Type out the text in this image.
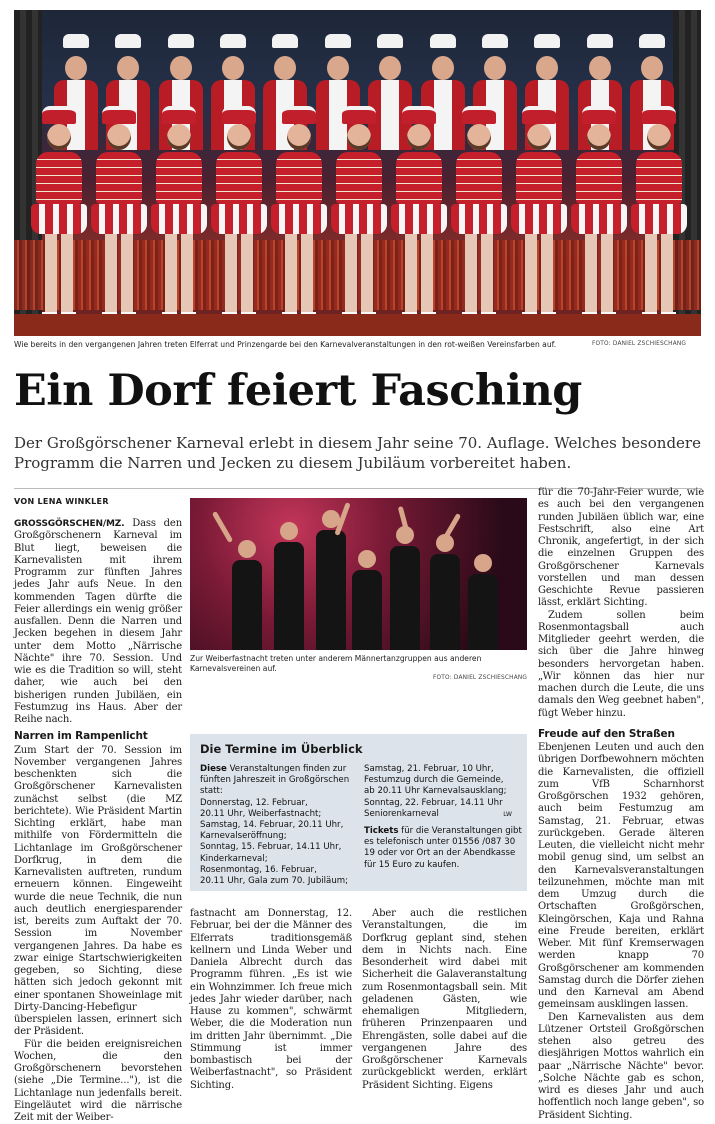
Wie bereits in den vergangenen Jahren treten Elferrat und Prinzengarde bei den Karnevalveranstaltungen in den rot-weißen Vereinsfarben auf.	FOTO: DANIEL ZSCHIESCHANG
Ein Dorf feiert Fasching
Der Großgörschener Karneval erlebt in diesem Jahr seine 70. Auflage. Welches besondere Programm die Narren und Jecken zu diesem Jubiläum vorbereitet haben.
VON LENA WINKLER

GROSSGÖRSCHEN/MZ. Dass den Großgörschenern Karneval im Blut liegt, beweisen die Karnevalisten mit ihrem Programm zur fünften Jahres jedes Jahr aufs Neue. In den kommenden Tagen dürfte die Feier allerdings ein wenig größer ausfallen. Denn die Narren und Jecken begehen in diesem Jahr unter dem Motto „Närrische Nächte" ihre 70. Session. Und wie es die Tradition so will, steht daher, wie auch bei den bisherigen runden Jubiläen, ein Festumzug ins Haus. Aber der Reihe nach.

Narren im Rampenlicht

Zum Start der 70. Session im November vergangenen Jahres beschenkten sich die Großgörschener Karnevalisten zunächst selbst (die MZ berichtete). Wie Präsident Martin Sichting erklärt, habe man mithilfe von Fördermitteln die Lichtanlage im Großgörschener Dorfkrug, in dem die Karnevalisten auftreten, rundum erneuern können. Eingeweiht wurde die neue Technik, die nun auch deutlich energiesparender ist, bereits zum Auftakt der 70. Session im November vergangenen Jahres. Da habe es zwar einige Startschwierigkeiten gegeben, so Sichting, diese hätten sich jedoch gekonnt mit einer spontanen Showeinlage mit Dirty-Dancing-Hebefigur überspielen lassen, erinnert sich der Präsident.

Für die beiden ereignisreichen Wochen, die den Großgörschenern bevorstehen (siehe „Die Termine..."), ist die Lichtanlage nun jedenfalls bereit. Eingeläutet wird die närrische Zeit mit der Weiber-

Zur Weiberfastnacht treten unter anderem Männertanzgruppen aus anderen Karnevalsvereinen auf.
FOTO: DANIEL ZSCHIESCHANG
Die Termine im Überblick
Diese Veranstaltungen finden zur fünften Jahreszeit in Großgörschen statt:
Donnerstag, 12. Februar,
20.11 Uhr, Weiberfastnacht;
Samstag, 14. Februar, 20.11 Uhr,
Karnevalseröffnung;
Sonntag, 15. Februar, 14.11 Uhr,
Kinderkarneval;
Rosenmontag, 16. Februar,
20.11 Uhr, Gala zum 70. Jubiläum;
Samstag, 21. Februar, 10 Uhr,
Festumzug durch die Gemeinde,
ab 20.11 Uhr Karnevalsausklang;
Sonntag, 22. Februar, 14.11 Uhr
Seniorenkarneval	LW
Tickets für die Veranstaltungen gibt es telefonisch unter 01556 /087 30 19 oder vor Ort an der Abendkasse für 15 Euro zu kaufen.

fastnacht am Donnerstag, 12. Februar, bei der die Männer des Elferrats traditionsgemäß kellnern und Linda Weber und Daniela Albrecht durch das Programm führen. „Es ist wie ein Wohnzimmer. Ich freue mich jedes Jahr wieder darüber, nach Hause zu kommen", schwärmt Weber, die die Moderation nun im dritten Jahr übernimmt. „Die Stimmung ist immer bombastisch bei der Weiberfastnacht", so Präsident Sichting.

Aber auch die restlichen Veranstaltungen, die im Dorfkrug geplant sind, stehen dem in Nichts nach. Eine Besonderheit wird dabei mit Sicherheit die Galaveranstaltung zum Rosenmontagsball sein. Mit geladenen Gästen, wie ehemaligen Mitgliedern, früheren Prinzenpaaren und Ehrengästen, solle dabei auf die vergangenen Jahre des Großgörschener Karnevals zurückgeblickt werden, erklärt Präsident Sichting. Eigens

für die 70-Jahr-Feier wurde, wie es auch bei den vergangenen runden Jubiläen üblich war, eine Festschrift, also eine Art Chronik, angefertigt, in der sich die einzelnen Gruppen des Großgörschener Karnevals vorstellen und man dessen Geschichte Revue passieren lässt, erklärt Sichting.

Zudem sollen beim Rosenmontagsball auch Mitglieder geehrt werden, die sich über die Jahre hinweg besonders hervorgetan haben. „Wir können das hier nur machen durch die Leute, die uns damals den Weg geebnet haben", fügt Weber hinzu.

Freude auf den Straßen

Ebenjenen Leuten und auch den übrigen Dorfbewohnern möchten die Karnevalisten, die offiziell zum VfB Scharnhorst Großgörschen 1932 gehören, auch beim Festumzug am Samstag, 21. Februar, etwas zurückgeben. Gerade älteren Leuten, die vielleicht nicht mehr mobil genug sind, um selbst an den Karnevalsveranstaltungen teilzunehmen, möchte man mit dem Umzug durch die Ortschaften Großgörschen, Kleingörschen, Kaja und Rahna eine Freude bereiten, erklärt Weber. Mit fünf Kremserwagen werden knapp 70 Großgörschener am kommenden Samstag durch die Dörfer ziehen und den Karneval am Abend gemeinsam ausklingen lassen.

Den Karnevalisten aus dem Lützener Ortsteil Großgörschen stehen also getreu des diesjährigen Mottos wahrlich ein paar „Närrische Nächte" bevor. „Solche Nächte gab es schon, wird es dieses Jahr und auch hoffentlich noch lange geben", so Präsident Sichting.
